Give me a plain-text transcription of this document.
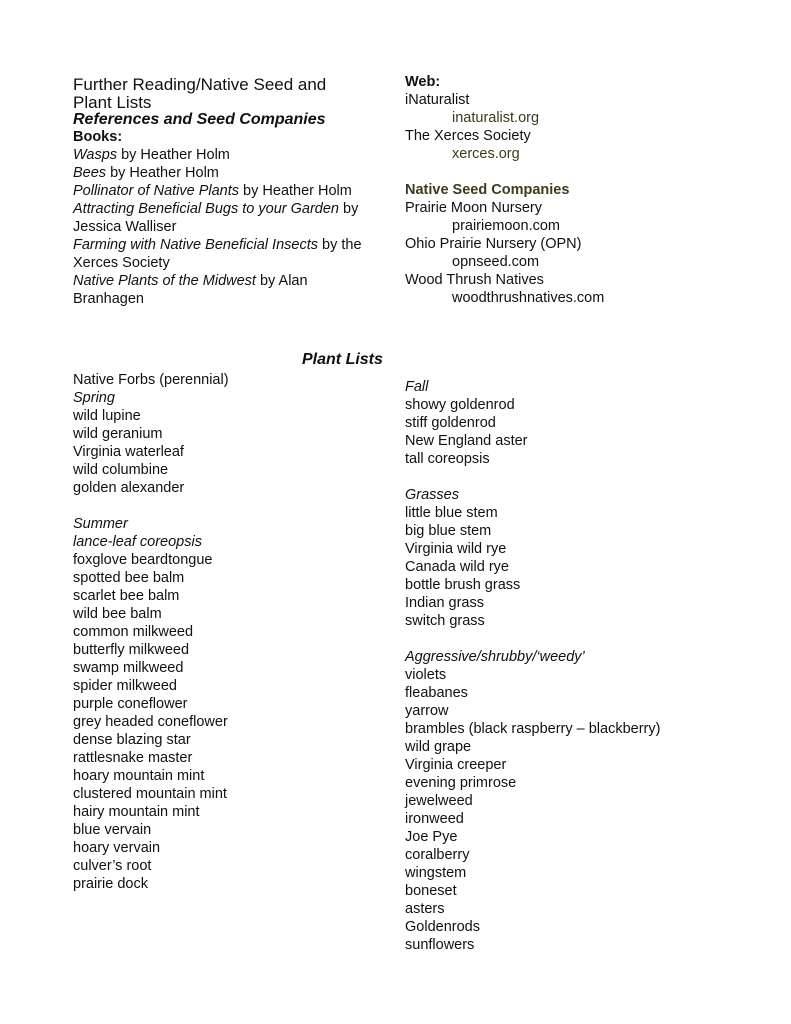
Further Reading/Native Seed and
Plant Lists
References and Seed Companies
Books:
Wasps by Heather Holm
Bees by Heather Holm
Pollinator of Native Plants by Heather Holm
Attracting Beneficial Bugs to your Garden by
Jessica Walliser
Farming with Native Beneficial Insects by the
Xerces Society
Native Plants of the Midwest by Alan
Branhagen
Web:
iNaturalist
inaturalist.org
The Xerces Society
xerces.org
Native Seed Companies
Prairie Moon Nursery
prairiemoon.com
Ohio Prairie Nursery (OPN)
opnseed.com
Wood Thrush Natives
woodthrushnatives.com
Plant Lists
Native Forbs (perennial)
Spring
wild lupine
wild geranium
Virginia waterleaf
wild columbine
golden alexander
Summer
lance-leaf coreopsis
foxglove beardtongue
spotted bee balm
scarlet bee balm
wild bee balm
common milkweed
butterfly milkweed
swamp milkweed
spider milkweed
purple coneflower
grey headed coneflower
dense blazing star
rattlesnake master
hoary mountain mint
clustered mountain mint
hairy mountain mint
blue vervain
hoary vervain
culver’s root
prairie dock
Fall
showy goldenrod
stiff goldenrod
New England aster
tall coreopsis
Grasses
little blue stem
big blue stem
Virginia wild rye
Canada wild rye
bottle brush grass
Indian grass
switch grass
Aggressive/shrubby/‘weedy’
violets
fleabanes
yarrow
brambles (black raspberry – blackberry)
wild grape
Virginia creeper
evening primrose
jewelweed
ironweed
Joe Pye
coralberry
wingstem
boneset
asters
Goldenrods
sunflowers
